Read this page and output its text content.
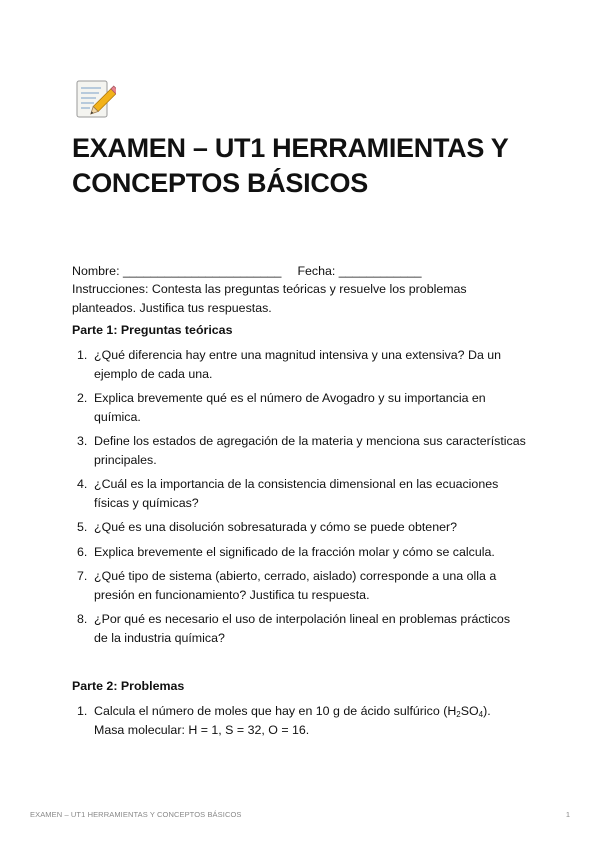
EXAMEN – UT1 HERRAMIENTAS Y CONCEPTOS BÁSICOS
Nombre: _______________________ Fecha: ____________
Instrucciones: Contesta las preguntas teóricas y resuelve los problemas planteados. Justifica tus respuestas.
Parte 1: Preguntas teóricas
1. ¿Qué diferencia hay entre una magnitud intensiva y una extensiva? Da un ejemplo de cada una.
2. Explica brevemente qué es el número de Avogadro y su importancia en química.
3. Define los estados de agregación de la materia y menciona sus características principales.
4. ¿Cuál es la importancia de la consistencia dimensional en las ecuaciones físicas y químicas?
5. ¿Qué es una disolución sobresaturada y cómo se puede obtener?
6. Explica brevemente el significado de la fracción molar y cómo se calcula.
7. ¿Qué tipo de sistema (abierto, cerrado, aislado) corresponde a una olla a presión en funcionamiento? Justifica tu respuesta.
8. ¿Por qué es necesario el uso de interpolación lineal en problemas prácticos de la industria química?
Parte 2: Problemas
1. Calcula el número de moles que hay en 10 g de ácido sulfúrico $(H_2SO_4)$.
Masa molecular: H = 1, S = 32, O = 16.
EXAMEN – UT1 HERRAMIENTAS Y CONCEPTOS BÁSICOS	1
